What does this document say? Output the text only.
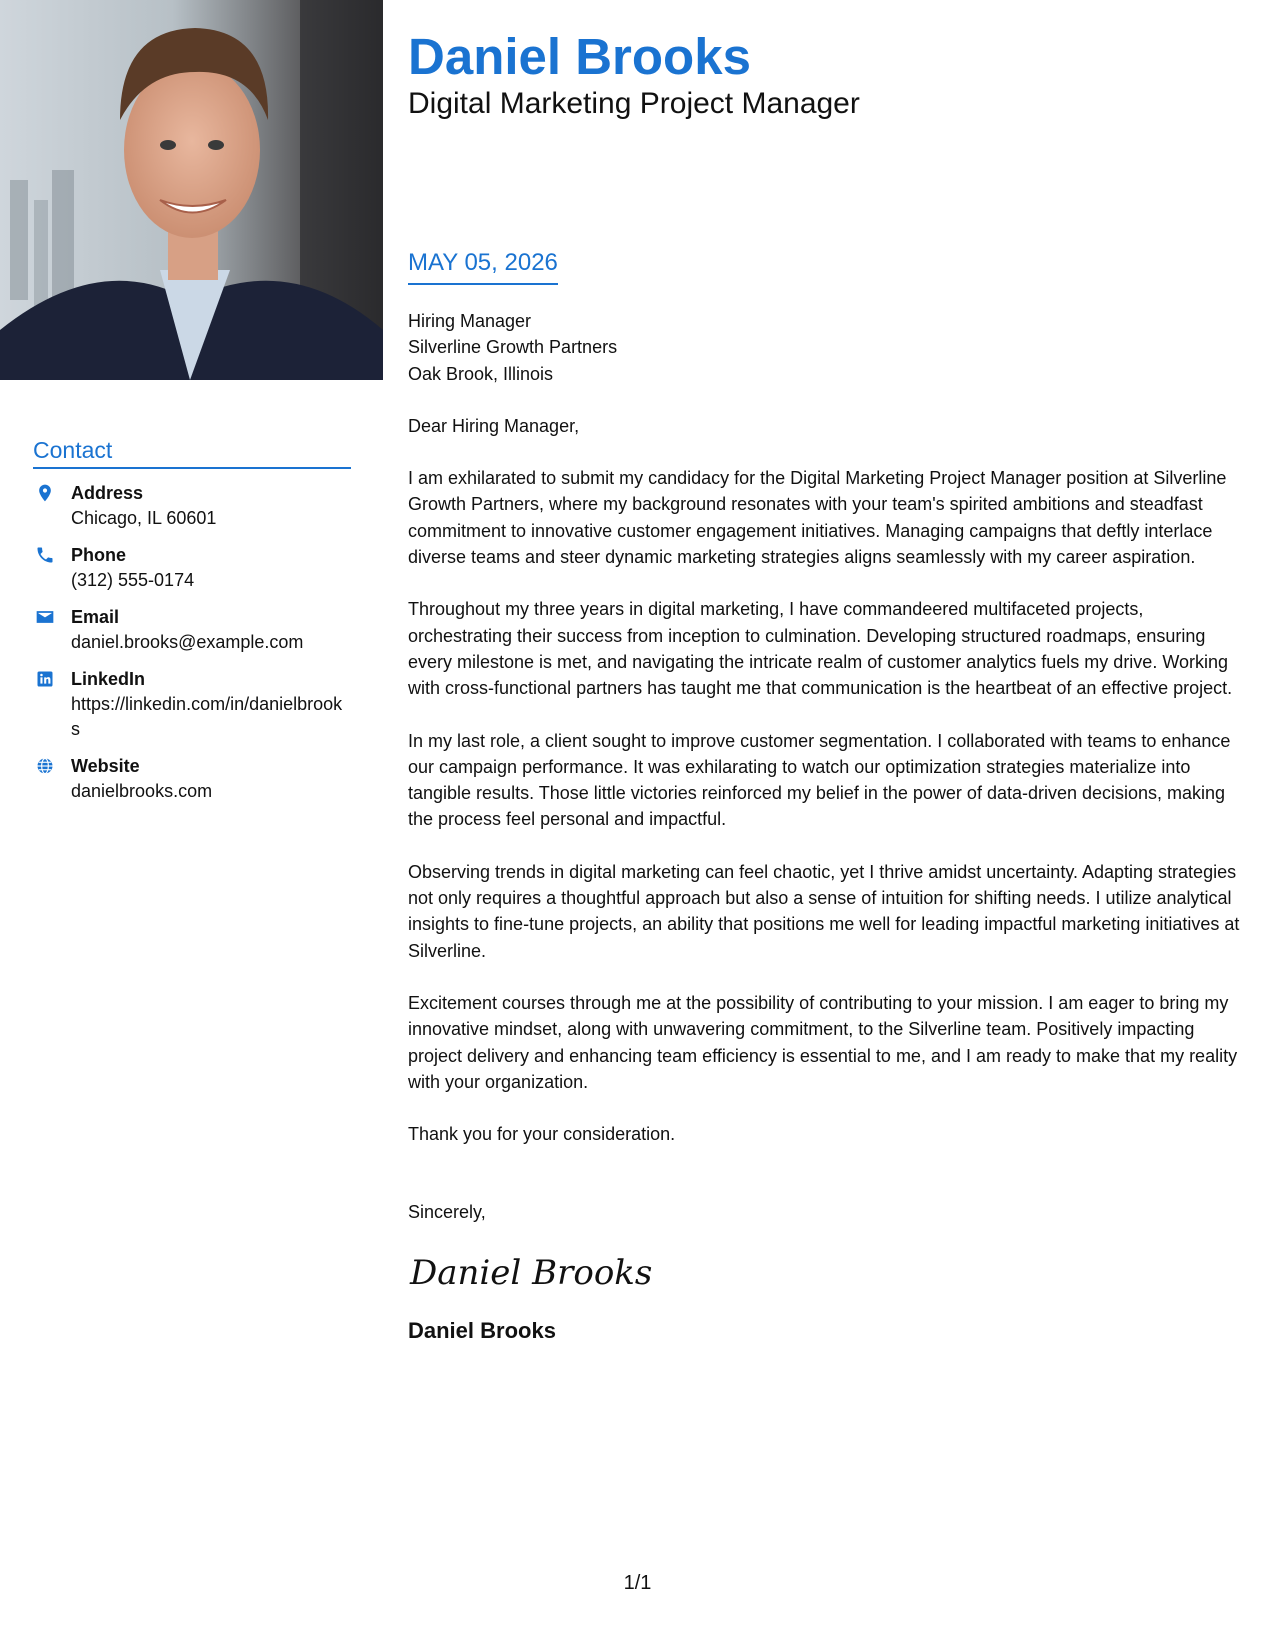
Contact
Address
Chicago, IL 60601
Phone
(312) 555-0174
Email
daniel.brooks@example.com
LinkedIn
https://linkedin.com/in/danielbrooks
Website
danielbrooks.com
Daniel Brooks
Digital Marketing Project Manager
MAY 05, 2026
Hiring Manager
Silverline Growth Partners
Oak Brook, Illinois

Dear Hiring Manager,

I am exhilarated to submit my candidacy for the Digital Marketing Project Manager position at Silverline Growth Partners, where my background resonates with your team's spirited ambitions and steadfast commitment to innovative customer engagement initiatives. Managing campaigns that deftly interlace diverse teams and steer dynamic marketing strategies aligns seamlessly with my career aspiration.

Throughout my three years in digital marketing, I have commandeered multifaceted projects, orchestrating their success from inception to culmination. Developing structured roadmaps, ensuring every milestone is met, and navigating the intricate realm of customer analytics fuels my drive. Working with cross-functional partners has taught me that communication is the heartbeat of an effective project.

In my last role, a client sought to improve customer segmentation. I collaborated with teams to enhance our campaign performance. It was exhilarating to watch our optimization strategies materialize into tangible results. Those little victories reinforced my belief in the power of data-driven decisions, making the process feel personal and impactful.

Observing trends in digital marketing can feel chaotic, yet I thrive amidst uncertainty. Adapting strategies not only requires a thoughtful approach but also a sense of intuition for shifting needs. I utilize analytical insights to fine-tune projects, an ability that positions me well for leading impactful marketing initiatives at Silverline.

Excitement courses through me at the possibility of contributing to your mission. I am eager to bring my innovative mindset, along with unwavering commitment, to the Silverline team. Positively impacting project delivery and enhancing team efficiency is essential to me, and I am ready to make that my reality with your organization.

Thank you for your consideration.

Sincerely,
Daniel Brooks
Daniel Brooks
1/1
